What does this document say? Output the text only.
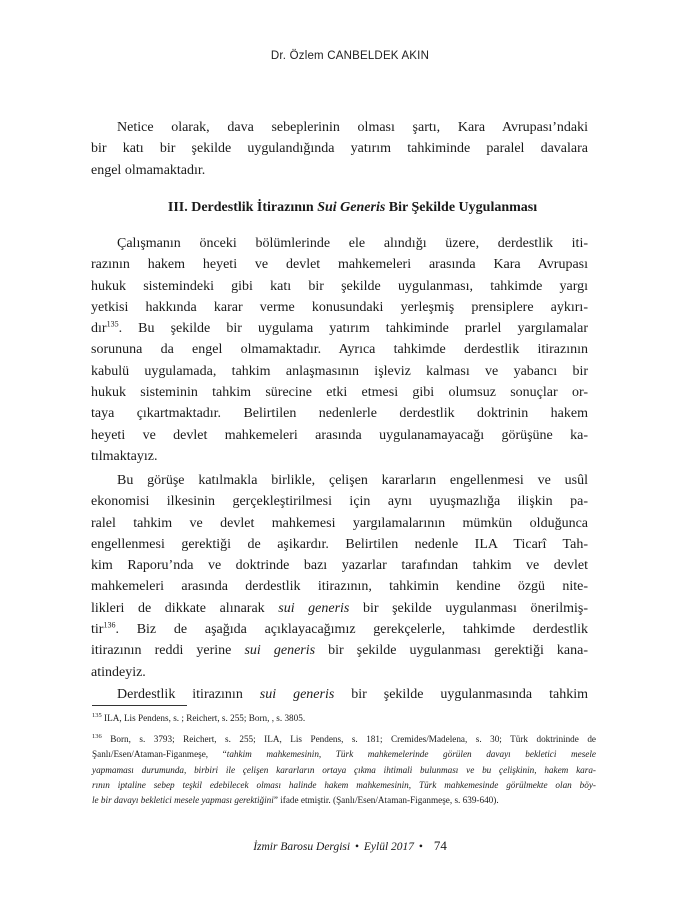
Dr. Özlem CANBELDEK AKIN

Netice olarak, dava sebeplerinin olması şartı, Kara Avrupası’ndaki
bir katı bir şekilde uygulandığında yatırım tahkiminde paralel davalara
engel olmamaktadır.

III. Derdestlik İtirazının Sui Generis Bir Şekilde Uygulanması

Çalışmanın önceki bölümlerinde ele alındığı üzere, derdestlik iti-
razının hakem heyeti ve devlet mahkemeleri arasında Kara Avrupası
hukuk sistemindeki gibi katı bir şekilde uygulanması, tahkimde yargı
yetkisi hakkında karar verme konusundaki yerleşmiş prensiplere aykırı-
dır$^{135}$. Bu şekilde bir uygulama yatırım tahkiminde prarlel yargılamalar
sorununa da engel olmamaktadır. Ayrıca tahkimde derdestlik itirazının
kabulü uygulamada, tahkim anlaşmasının işleviz kalması ve yabancı bir
hukuk sisteminin tahkim sürecine etki etmesi gibi olumsuz sonuçlar or-
taya çıkartmaktadır. Belirtilen nedenlerle derdestlik doktrinin hakem
heyeti ve devlet mahkemeleri arasında uygulanamayacağı görüşüne ka-
tılmaktayız.

Bu görüşe katılmakla birlikle, çelişen kararların engellenmesi ve usûl
ekonomisi ilkesinin gerçekleştirilmesi için aynı uyuşmazlığa ilişkin pa-
ralel tahkim ve devlet mahkemesi yargılamalarının mümkün olduğunca
engellenmesi gerektiği de aşikardır. Belirtilen nedenle ILA Ticarî Tah-
kim Raporu’nda ve doktrinde bazı yazarlar tarafından tahkim ve devlet
mahkemeleri arasında derdestlik itirazının, tahkimin kendine özgü nite-
likleri de dikkate alınarak sui generis bir şekilde uygulanması önerilmiş-
tir$^{136}$. Biz de aşağıda açıklayacağımız gerekçelerle, tahkimde derdestlik
itirazının reddi yerine sui generis bir şekilde uygulanması gerektiği kana-
atindeyiz.

Derdestlik itirazının sui generis bir şekilde uygulanmasında tahkim

$^{135}$ ILA, Lis Pendens, s. ; Reichert, s. 255; Born, , s. 3805.

$^{136}$ Born, s. 3793; Reichert, s. 255; ILA, Lis Pendens, s. 181; Cremides/Madelena, s. 30; Türk doktrininde de
Şanlı/Esen/Ataman-Figanmeşe, “tahkim mahkemesinin, Türk mahkemelerinde görülen davayı bekletici mesele
yapmaması durumunda, birbiri ile çelişen kararların ortaya çıkma ihtimali bulunması ve bu çelişkinin, hakem kara-
rının iptaline sebep teşkil edebilecek olması halinde hakem mahkemesinin, Türk mahkemesinde görülmekte olan böy-
le bir davayı bekletici mesele yapması gerektiğini” ifade etmiştir. (Şanlı/Esen/Ataman-Figanmeşe, s. 639-640).

İzmir Barosu Dergisi • Eylül 2017 • 74
